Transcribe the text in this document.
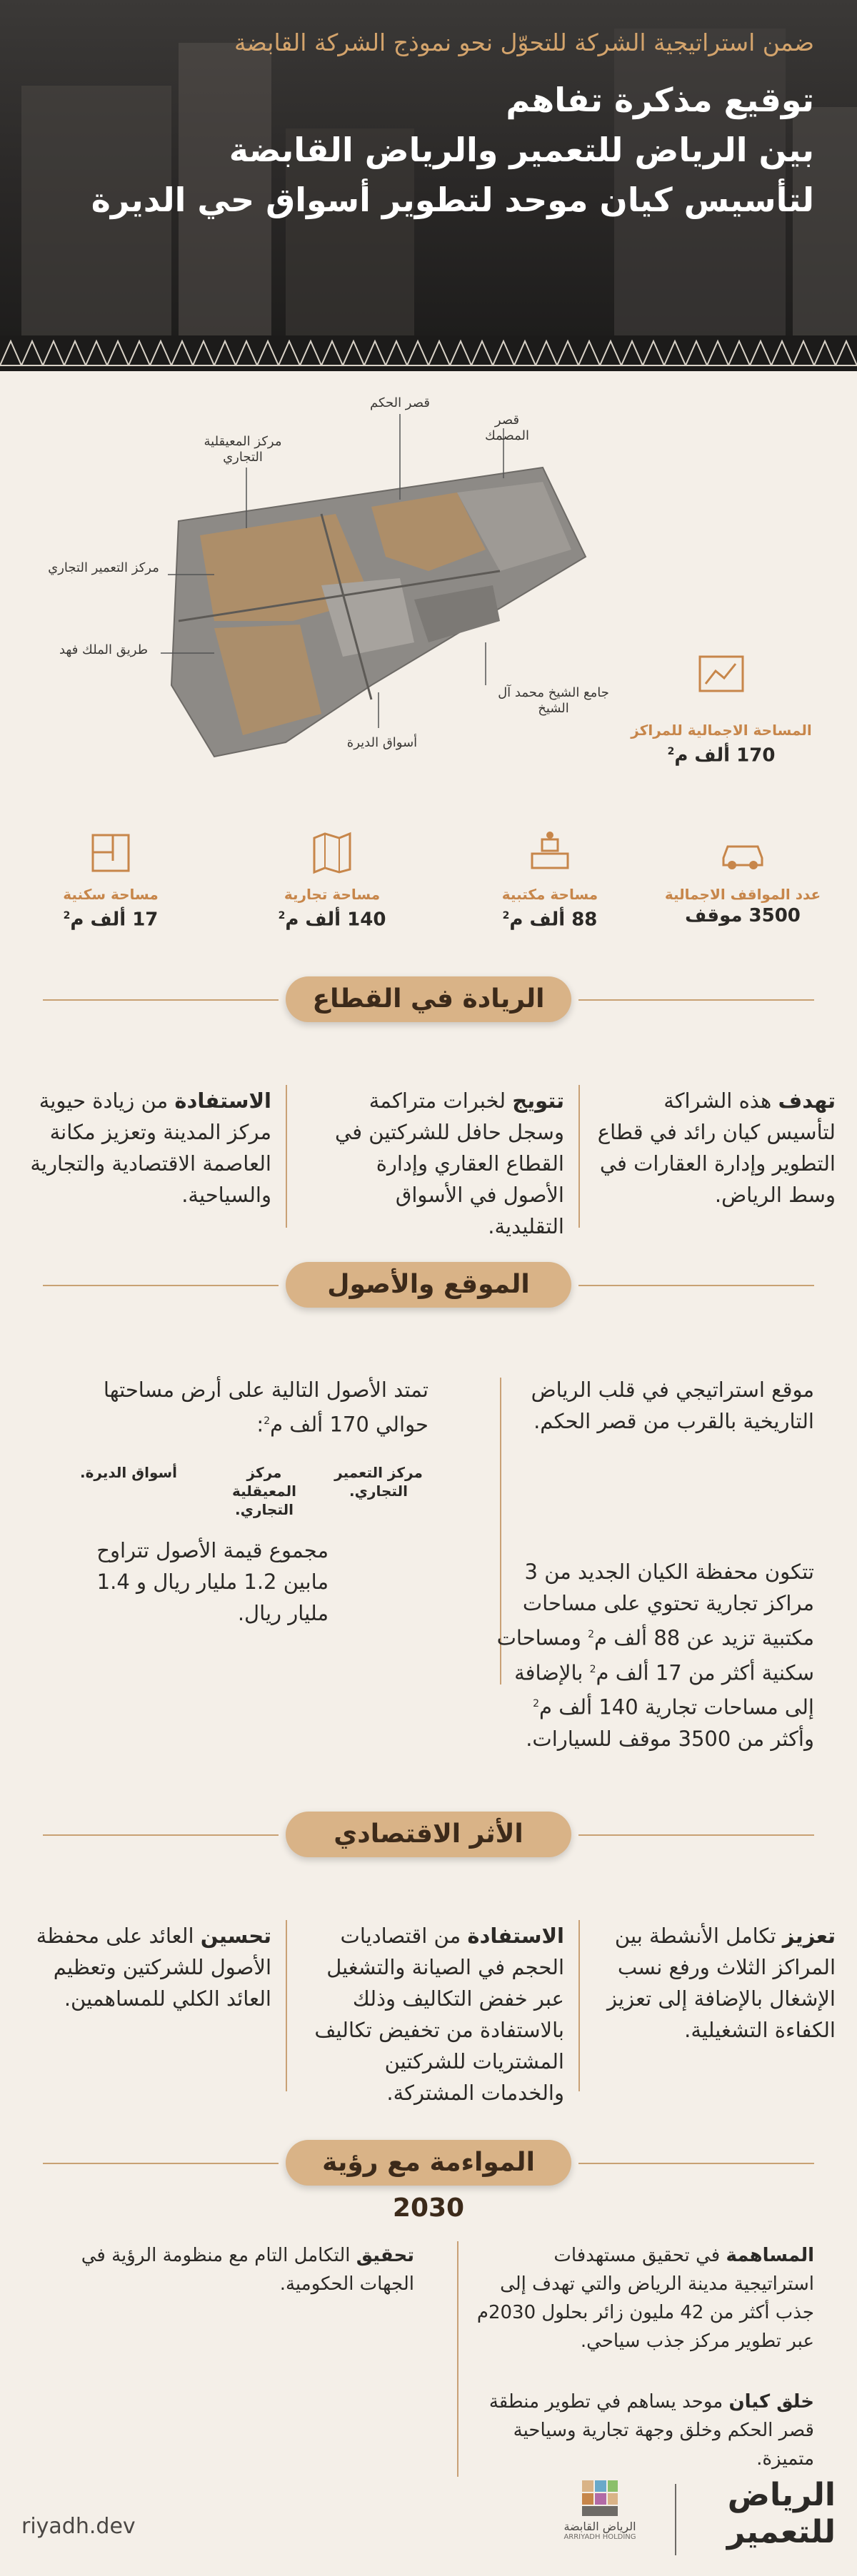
ضمن استراتيجية الشركة للتحوّل نحو نموذج الشركة القابضة
توقيع مذكرة تفاهم
بين الرياض للتعمير والرياض القابضة
لتأسيس كيان موحد لتطوير أسواق حي الديرة
قصر المصمك
قصر الحكم
مركز المعيقلية التجاري
مركز التعمير التجاري
طريق الملك فهد
أسواق الديرة
جامع الشيخ محمد آل الشيخ
المساحة الاجمالية للمراكز
170 ألف م$^2$
عدد المواقف الاجمالية
3500 موقف
مساحة مكتبية
88 ألف م$^2$
مساحة تجارية
140 ألف م$^2$
مساحة سكنية
17 ألف م$^2$
الريادة في القطاع
تهدف هذه الشراكة لتأسيس كيان رائد في قطاع التطوير وإدارة العقارات في وسط الرياض.
تتويج لخبرات متراكمة وسجل حافل للشركتين في القطاع العقاري وإدارة الأصول في الأسواق التقليدية.
الاستفادة من زيادة حيوية مركز المدينة وتعزيز مكانة العاصمة الاقتصادية والتجارية والسياحية.
الموقع والأصول
موقع استراتيجي في قلب الرياض التاريخية بالقرب من قصر الحكم.
تمتد الأصول التالية على أرض مساحتها حوالي 170 ألف م$^2$:
مركز التعمير التجاري.
مركز المعيقلية التجاري.
أسواق الديرة.
تتكون محفظة الكيان الجديد من 3 مراكز تجارية تحتوي على مساحات مكتبية تزيد عن 88 ألف م$^2$ ومساحات سكنية أكثر من 17 ألف م$^2$ بالإضافة إلى مساحات تجارية 140 ألف م$^2$ وأكثر من 3500 موقف للسيارات.
مجموع قيمة الأصول تتراوح مابين 1.2 مليار ريال و 1.4 مليار ريال.
الأثر الاقتصادي
تعزيز تكامل الأنشطة بين المراكز الثلاث ورفع نسب الإشغال بالإضافة إلى تعزيز الكفاءة التشغيلية.
الاستفادة من اقتصاديات الحجم في الصيانة والتشغيل عبر خفض التكاليف وذلك بالاستفادة من تخفيض تكاليف المشتريات للشركتين والخدمات المشتركة.
تحسين العائد على محفظة الأصول للشركتين وتعظيم العائد الكلي للمساهمين.
المواءمة مع رؤية 2030
المساهمة في تحقيق مستهدفات استراتيجية مدينة الرياض والتي تهدف إلى جذب أكثر من 42 مليون زائر بحلول 2030م عبر تطوير مركز جذب سياحي.
تحقيق التكامل التام مع منظومة الرؤية في الجهات الحكومية.
خلق كيان موحد يساهم في تطوير منطقة قصر الحكم وخلق وجهة تجارية وسياحية متميزة.
riyadh.dev	الرياض القابضة
ARRIYADH HOLDING
الرياض
للتعمير
